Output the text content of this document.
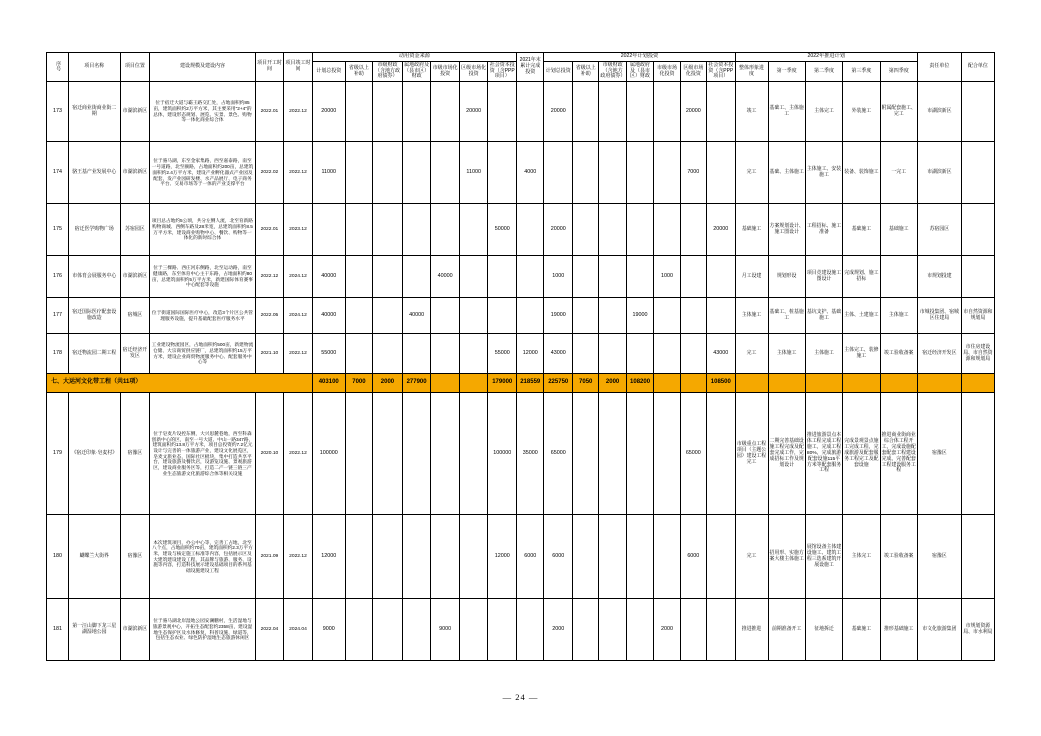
序号	项目名称	项目位置	建设规模及建设内容	项目开工时间	项目竣工时间	动用资金来源							2021年末累计完成投资	2022年计划投资							2022年推进计划					责任单位	配合单位
						计划总投资	省级以上补助	市级财政（含地方政府债券）	属地政府及（县市区）财政	市级市场化投资	区级市场化投资	社会资本投资（含PPP项目）		计划总投资	省级以上补助	市级财政（含地方政府债券）	属地政府及（县市区）财政	市级市场化投资	区级市场化投资	社会资本投资（含PPP项目）	整体形象进度	第一季度	第二季度	第三季度	第四季度		

173	宿迁商业街商业街二期	市湖滨新区	位于宿迁大道与霸王路交汇处，占地面积约85亩，建筑面积约2万平方米，其主要采用"2+4"的总体，建设形态规划、展览、实景、景色、购物等一体化商业综合体	2022.01	2022.12	20000					20000			20000					20000		竣工	基础工、主体施工	主体完工	外装施工	附属配套施工、完工	市湖滨新区	
174	骆王基产业发展中心	市湖滨新区	位于骆马湖，东至金家集路，西至嘉泰路，南至一号道路，北至颐路，占地面积约200亩，总建筑面积约2.4万平方米，建设产业孵化器式产业园及配套，发产业园研发楼、水产品展厅、电子商务平台、交易市场等于一体的产业支撑平台	2022.02	2022.12	11000					11000		4000						7000		完工	基础、主体施工	主体施工、安装施工	装备、装饰施工	一完工	市湖滨新区	
175	宿迁医学购物广场	苏宿园区	项目总占地约5公顷，共分左侧人流，北至育新路购物商城、西侧车路及28米宽，总建筑面积约8.5万平方米，建设商业购物中心、餐饮、购物等一体化的新时综合体	2022.01	2023.12							50000		20000						20000	基础施工	方案规划设计、施工图设计	工程招标、施工准备	基础施工	基础施工	苏宿园区	
176	市体育会展服务中心	市湖滨新区	位于三棵路、西庄河东侧路，北至运动路，南至健康路，东至体育中心主干东路，占地面积约80亩，总建筑面积约5万平方米，新建国际体育赛事中心配套等设施	2022.12	2024.12	40000				40000				1000				1000			月工设建	规划形设	项目竞建设施工图设计	完成规划、施工招标		市规划投建	
177	宿迁国际医疗配套设施改造	宿城区	位于街道国际国际医疗中心，改造3个片区公共管理服务设施，提升基础配套医疗服务水平	2022.05	2024.12	40000			40000					19000			19000				主体施工	基础工、桩基施工	基坑支护、基础施工	主体、土建施工	主体施工	市城投集团、宿城区住建局	市自然资源和规划局
178	宿迁物流园二期工程	宿迁经济开发区	工业建设物流园区，占地面积约500亩，新建物流仓储、大宗商贸供应链厂，总建筑面积约15万平方米，建设企业商贸物流服务中心、配套服务中心等	2021.10	2022.12	55000						55000	12000	43000						43000	完工	主体施工	主体施工	主体完工、装修施工	竣工验收备案	宿迁经济开发区	市住房建设局、市自然资源和规划局
七、大运河文化带工程（共11项）						403100	7000	2000	277900			179000	218559	225750	7050	2000	108200			108500							
179	《宿迁印象·皂麦村》	宿豫区	位于皂麦片设控东侧，大兴思麓巷地，西至科森创新中心的区，南至一号大道、中山一路347路，建筑面积约13.8万平方米，项目总投资约7.2亿元设计与完善的一体旅游产业，建设文化展览区，皂麦文旅业态，国际社区板块，集中打造共享平台，建设旅游及餐饮店，设游览设施、景观旅游区，建设商业服务区等，打造二产一链三链三产业生态旅游文化旅游综合体等相关设施	2020.10	2022.12	100000						100000	35000	65000					65000		市级重点工程项目（主题公园）建设工程完工	二期完善基础设施工程完成及配套完成工作，完成招标工作及规划设计	推进旅游景点本体工程完成工程施工，完成工程80%，完成旅游配套设施115平方米等配套服务工程	完成景观景点施工完成工程，完成旅游及配套服务工程完工及配套设施	推进商业街商业综合体工程开工，完成设施配套配套工程建设完成，完善配套工程建设服务工程	宿豫区	
180	蝴蝶兰大街界	宿豫区	本次建筑项目，办公中心等，完善工占地，北至八个点，占地面积约70亩，建筑面积约2.3万平方米，建设与核定施工标准等内容，包括展示区及大建筑建设建设工程，其品牌与旅游、服务、设施等内容，打造科技展示建设基础项目的系列基础设施建设工程	2021.09	2022.12	12000						12000	6000	6000					6000		完工	招用形、实施方案大楼主体施工	展馆设备主体建设施工、建筑工程三选系建筑开展设施工	主体完工	竣工验收备案	宿豫区	
181	第一汪山脚下龙三星湖湿地公园	市湖滨新区	位于骆马湖北岸湿地公园安澜鹏村，生活湿地与旅游景观中心，开拓生态配套约2358亩，建设湿地生态保护区及水体修复，科普设施、绿道等，包括生态农业、绿色防护湿地生态旅游休闲区	2022.04	2024.04	9000				9000				2000				2000			推进推进	前期准备开工	征地拆迁	基础施工	推形基础施工	市文化旅游集团	市规划资源局、市水利局
— 24 —
